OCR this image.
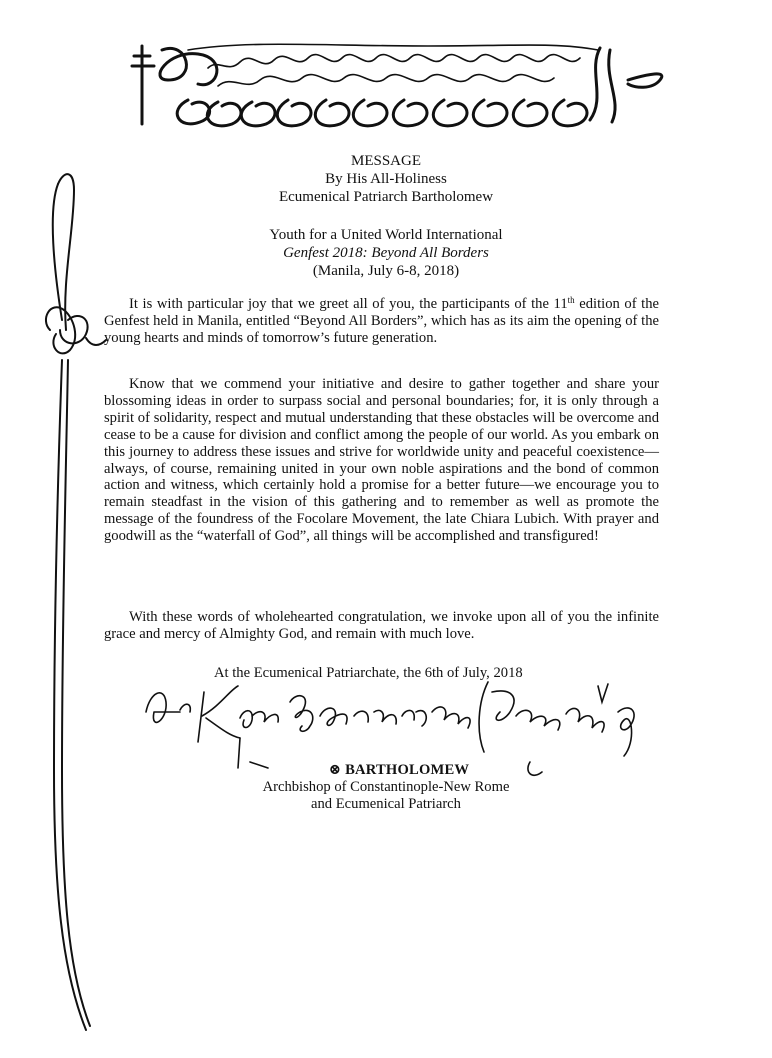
MESSAGE
By His All-Holiness
Ecumenical Patriarch Bartholomew
Youth for a United World International
Genfest 2018: Beyond All Borders
(Manila, July 6-8, 2018)
It is with particular joy that we greet all of you, the participants of the 11th edition of the Genfest held in Manila, entitled “Beyond All Borders”, which has as its aim the opening of the young hearts and minds of tomorrow’s future generation.
Know that we commend your initiative and desire to gather together and share your blossoming ideas in order to surpass social and personal boundaries; for, it is only through a spirit of solidarity, respect and mutual understanding that these obstacles will be overcome and cease to be a cause for division and conflict among the people of our world. As you embark on this journey to address these issues and strive for worldwide unity and peaceful coexistence—always, of course, remaining united in your own noble aspirations and the bond of common action and witness, which certainly hold a promise for a better future—we encourage you to remain steadfast in the vision of this gathering and to remember as well as promote the message of the foundress of the Focolare Movement, the late Chiara Lubich. With prayer and goodwill as the “waterfall of God”, all things will be accomplished and transfigured!
With these words of wholehearted congratulation, we invoke upon all of you the infinite grace and mercy of Almighty God, and remain with much love.
At the Ecumenical Patriarchate, the 6th of July, 2018
⊗ BARTHOLOMEW
Archbishop of Constantinople-New Rome
and Ecumenical Patriarch
